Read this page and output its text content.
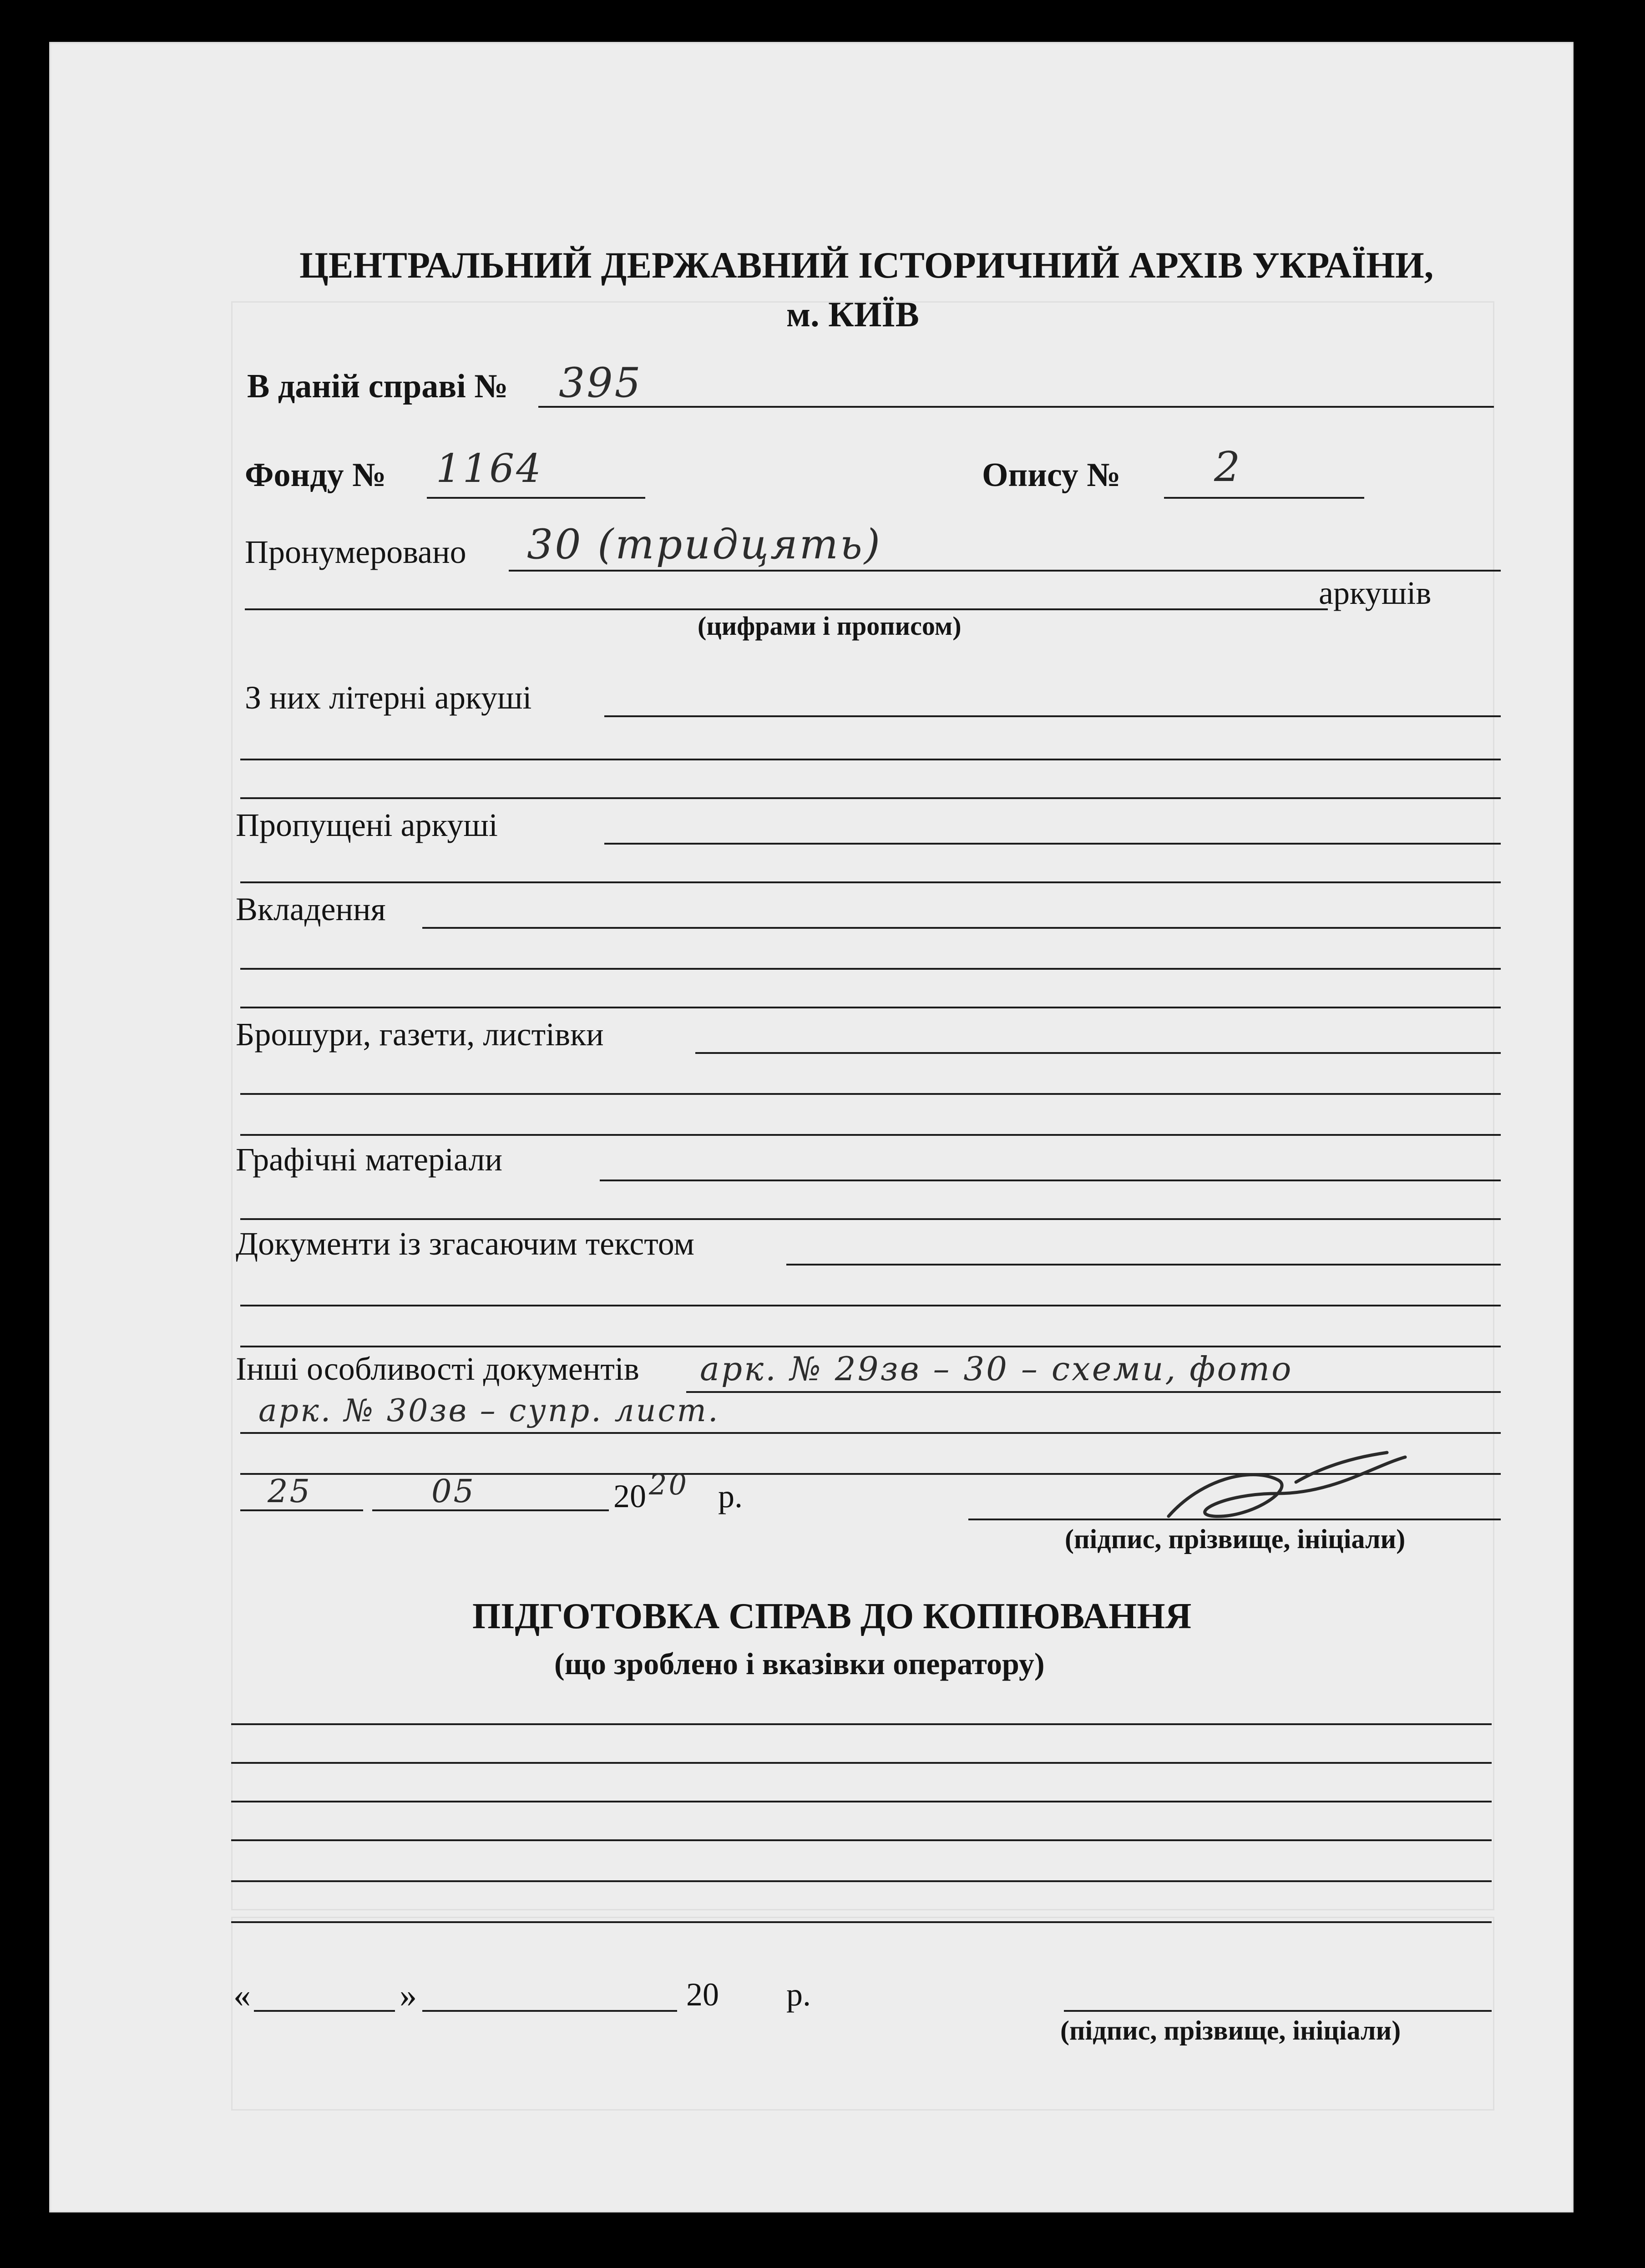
ЦЕНТРАЛЬНИЙ ДЕРЖАВНИЙ ІСТОРИЧНИЙ АРХІВ УКРАЇНИ,
м. КИЇВ
В даній справі № 395
Фонду № 1164	Опису № 2
Пронумеровано 30 (тридцять)
аркушів
(цифрами і прописом)
З них літерні аркуші
Пропущені аркуші
Вкладення
Брошури, газети, листівки
Графічні матеріали
Документи із згасаючим текстом
Інші особливості документів арк. № 29зв – 30 – схеми, фото
арк. № 30зв – супр. лист.
25	05	20 20 р.
(підпис, прізвище, ініціали)
ПІДГОТОВКА СПРАВ ДО КОПІЮВАННЯ
(що зроблено і вказівки оператору)
«	»	20 р.
(підпис, прізвище, ініціали)
